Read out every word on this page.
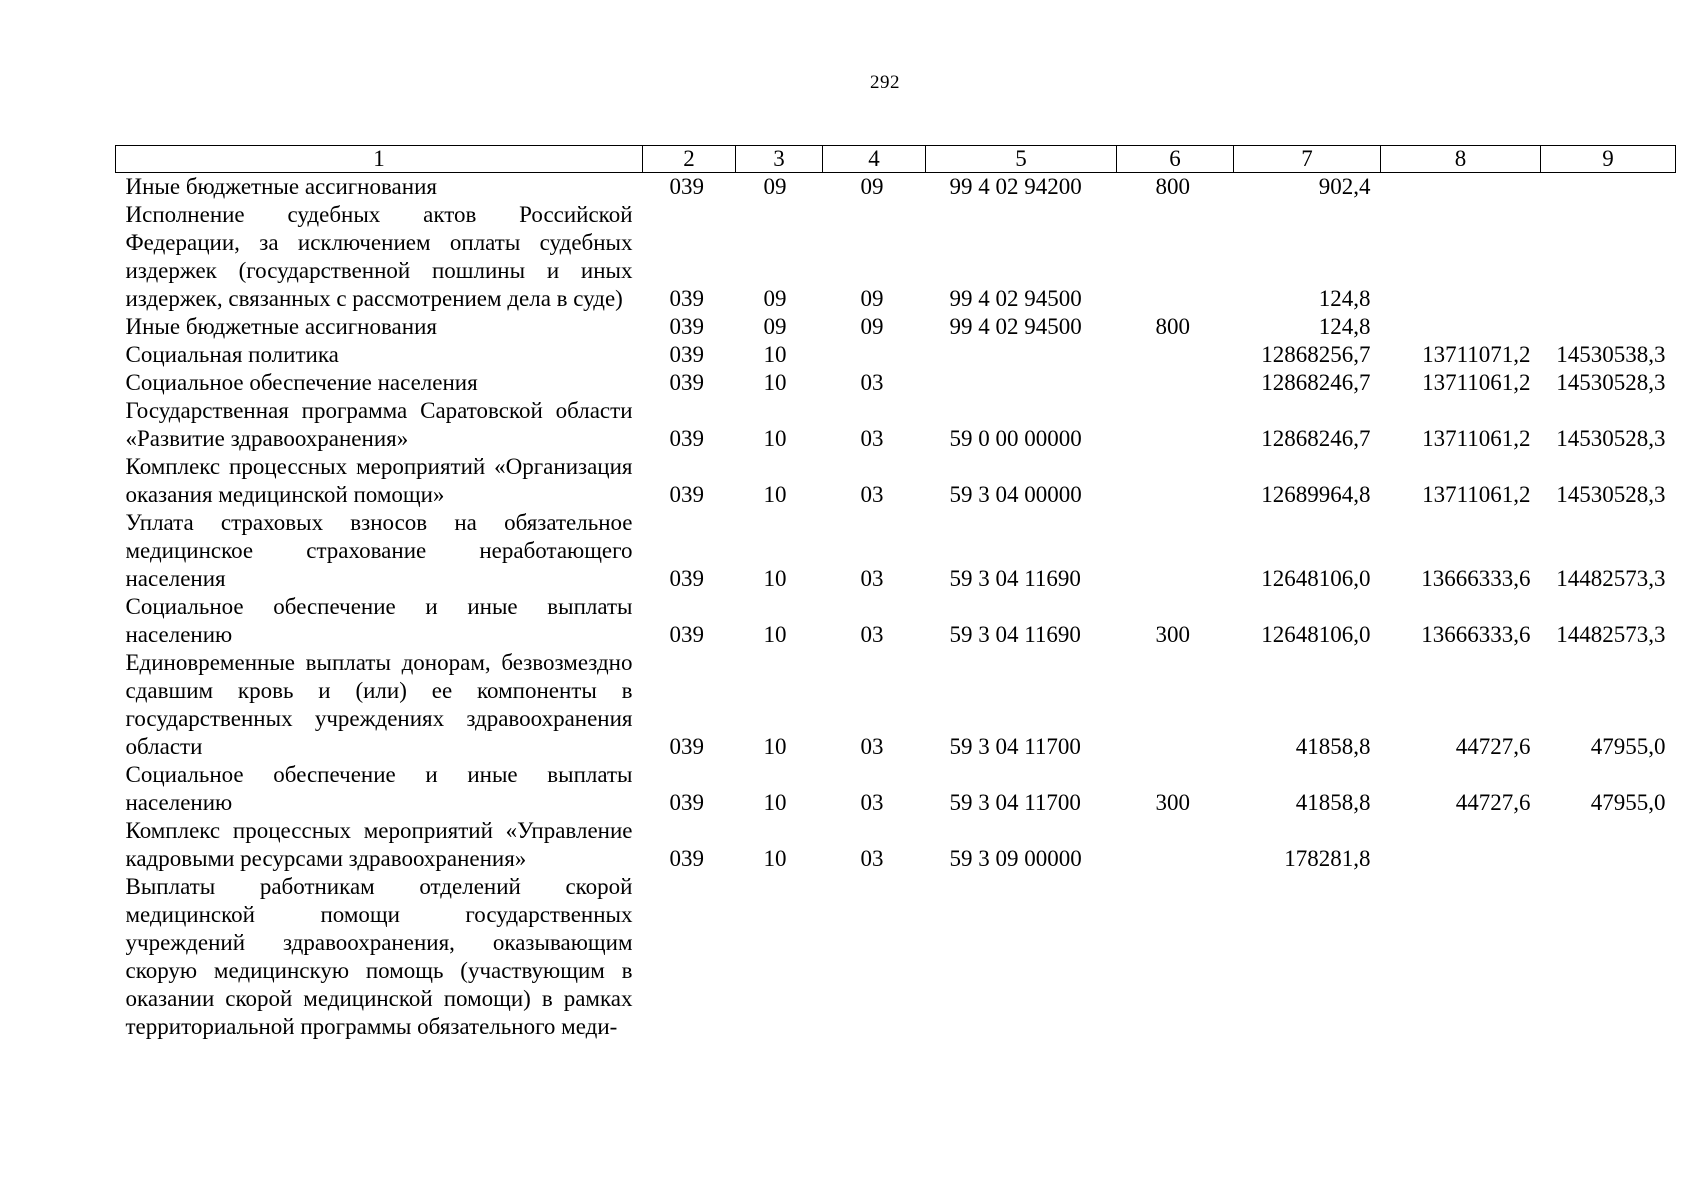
292
1	2	3	4	5	6	7	8	9
Иные бюджетные ассигнования	039	09	09	99 4 02 94200	800	902,4		
Исполнение судебных актов Российской Федерации, за исключением оплаты судебных издержек (государственной пошлины и иных издержек, связанных с рассмотрением дела в суде)	039	09	09	99 4 02 94500		124,8		
Иные бюджетные ассигнования	039	09	09	99 4 02 94500	800	124,8		
Социальная политика	039	10				12868256,7	13711071,2	14530538,3
Социальное обеспечение населения	039	10	03			12868246,7	13711061,2	14530528,3
Государственная программа Саратовской области «Развитие здравоохранения»	039	10	03	59 0 00 00000		12868246,7	13711061,2	14530528,3
Комплекс процессных мероприятий «Организация оказания медицинской помощи»	039	10	03	59 3 04 00000		12689964,8	13711061,2	14530528,3
Уплата страховых взносов на обязательное медицинское страхование неработающего населения	039	10	03	59 3 04 11690		12648106,0	13666333,6	14482573,3
Социальное обеспечение и иные выплаты населению	039	10	03	59 3 04 11690	300	12648106,0	13666333,6	14482573,3
Единовременные выплаты донорам, безвозмездно сдавшим кровь и (или) ее компоненты в государственных учреждениях здравоохранения области	039	10	03	59 3 04 11700		41858,8	44727,6	47955,0
Социальное обеспечение и иные выплаты населению	039	10	03	59 3 04 11700	300	41858,8	44727,6	47955,0
Комплекс процессных мероприятий «Управление кадровыми ресурсами здравоохранения»	039	10	03	59 3 09 00000		178281,8		
Выплаты работникам отделений скорой медицинской помощи государственных учреждений здравоохранения, оказывающим скорую медицинскую помощь (участвующим в оказании скорой медицинской помощи) в рамках территориальной программы обязательного меди-								
